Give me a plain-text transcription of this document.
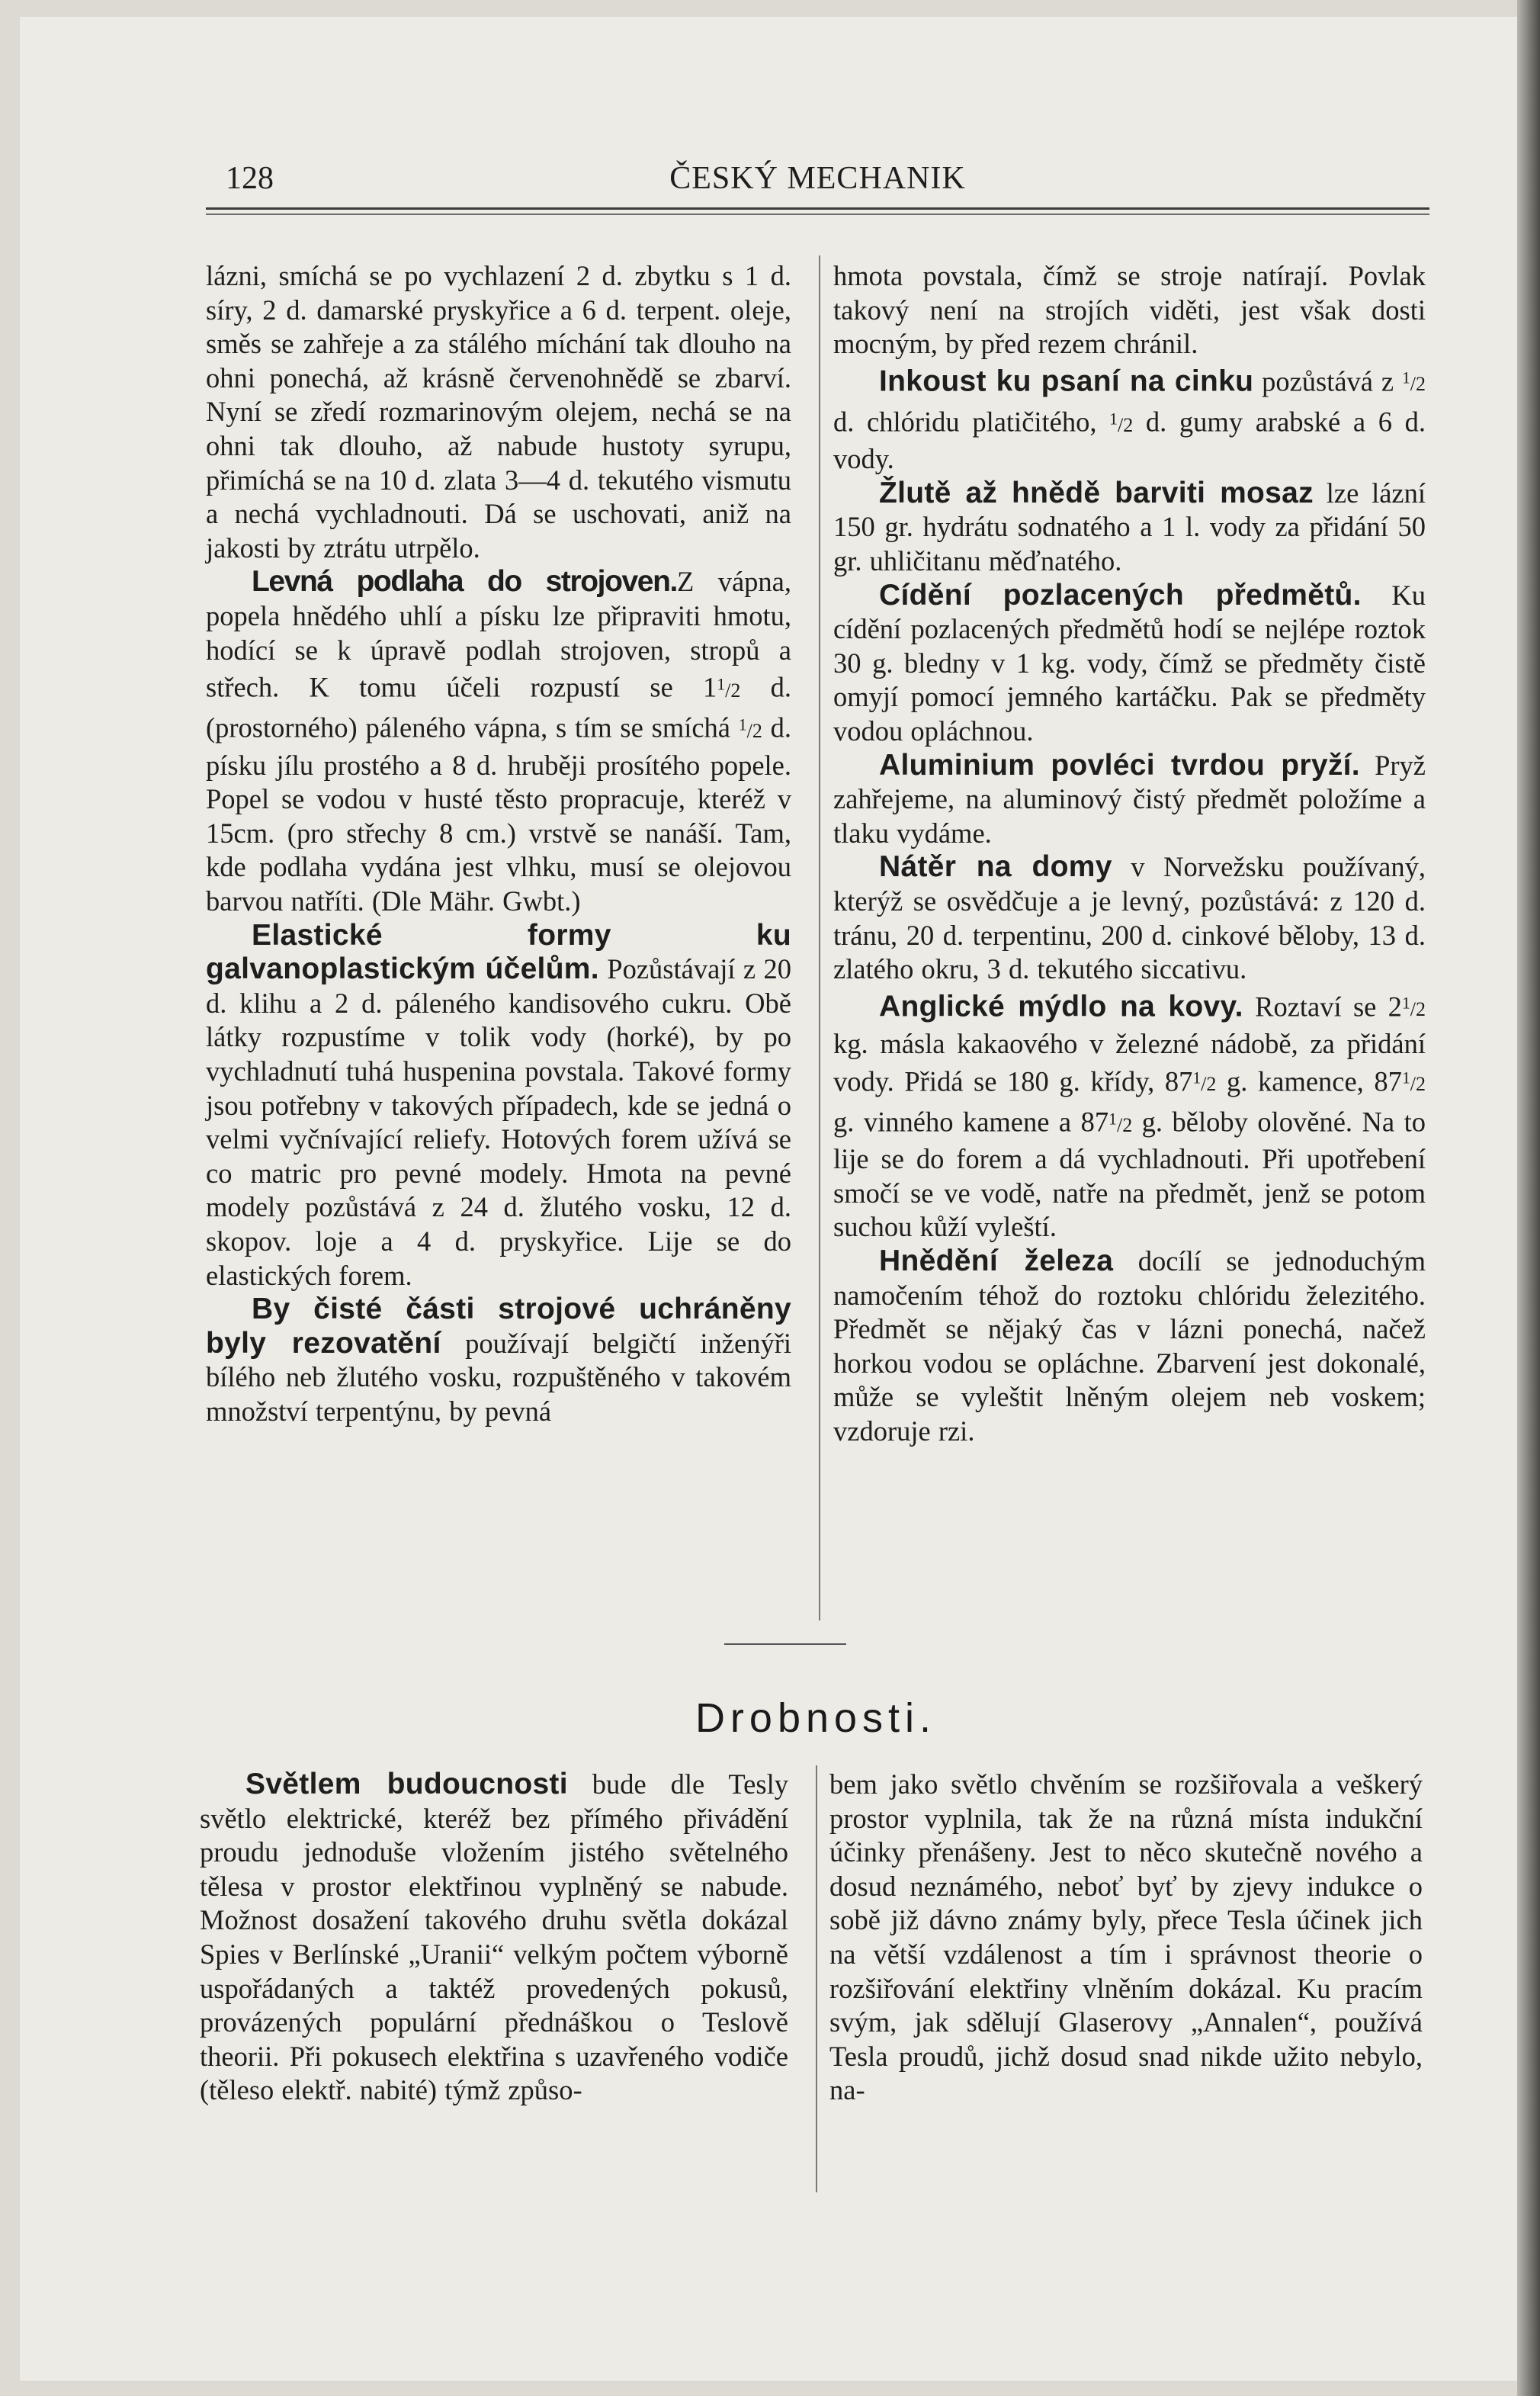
128	ČESKÝ MECHANIK

lázni, smíchá se po vychlazení 2 d. zbytku s 1 d. síry, 2 d. damarské pryskyřice a 6 d. terpent. oleje, směs se zahřeje a za stálého míchání tak dlouho na ohni ponechá, až krásně červenohnědě se zbarví. Nyní se zředí rozmarinovým olejem, nechá se na ohni tak dlouho, až nabude hustoty syrupu, přimíchá se na 10 d. zlata 3—4 d. tekutého vismutu a nechá vychladnouti. Dá se uschovati, aniž na jakosti by ztrátu utrpělo.

Levná podlaha do strojoven.Z vápna, popela hnědého uhlí a písku lze připraviti hmotu, hodící se k úpravě podlah strojoven, stropů a střech. K tomu účeli rozpustí se $1^1/2$ d. (prostorného) páleného vápna, s tím se smíchá $^1$/2 d. písku jílu prostého a 8 d. hruběji prosítého popele. Popel se vodou v husté těsto propracuje, kteréž v 15cm. (pro střechy 8 cm.) vrstvě se nanáší. Tam, kde podlaha vydána jest vlhku, musí se olejovou barvou natříti. (Dle Mähr. Gwbt.)

Elastické formy ku galvanoplastickým účelům. Pozůstávají z 20 d. klihu a 2 d. páleného kandisového cukru. Obě látky rozpustíme v tolik vody (horké), by po vychladnutí tuhá huspenina povstala. Takové formy jsou potřebny v takových případech, kde se jedná o velmi vyčnívající reliefy. Hotových forem užívá se co matric pro pevné modely. Hmota na pevné modely pozůstává z 24 d. žlutého vosku, 12 d. skopov. loje a 4 d. pryskyřice. Lije se do elastických forem.

By čisté části strojové uchráněny byly rezovatění používají belgičtí inženýři bílého neb žlutého vosku, rozpuštěného v takovém množství terpentýnu, by pevná

hmota povstala, čímž se stroje natírají. Povlak takový není na strojích viděti, jest však dosti mocným, by před rezem chránil.

Inkoust ku psaní na cinku pozůstává z $^1$/2 d. chlóridu platičitého, $^1$/2 d. gumy arabské a 6 d. vody.

Žlutě až hnědě barviti mosaz lze lázní 150 gr. hydrátu sodnatého a 1 l. vody za přidání 50 gr. uhličitanu měďnatého.

Cídění pozlacených předmětů. Ku cídění pozlacených předmětů hodí se nejlépe roztok 30 g. bledny v 1 kg. vody, čímž se předměty čistě omyjí pomocí jemného kartáčku. Pak se předměty vodou opláchnou.

Aluminium povléci tvrdou pryží. Pryž zahřejeme, na aluminový čistý předmět položíme a tlaku vydáme.

Nátěr na domy v Norvežsku používaný, kterýž se osvědčuje a je levný, pozůstává: z 120 d. tránu, 20 d. terpentinu, 200 d. cinkové běloby, 13 d. zlatého okru, 3 d. tekutého siccativu.

Anglické mýdlo na kovy. Roztaví se $2^1/2$ kg. másla kakaového v železné nádobě, za přidání vody. Přidá se 180 g. křídy, $87^1/2$ g. kamence, $87^1/2$ g. vinného kamene a $87^1/2$ g. běloby olověné. Na to lije se do forem a dá vychladnouti. Při upotřebení smočí se ve vodě, natře na předmět, jenž se potom suchou kůží vyleští.

Hnědění železa docílí se jednoduchým namočením téhož do roztoku chlóridu železitého. Předmět se nějaký čas v lázni ponechá, načež horkou vodou se opláchne. Zbarvení jest dokonalé, může se vyleštit lněným olejem neb voskem; vzdoruje rzi.

Drobnosti.

Světlem budoucnosti bude dle Tesly světlo elektrické, kteréž bez přímého přivádění proudu jednoduše vložením jistého světelného tělesa v prostor elektřinou vyplněný se nabude. Možnost dosažení takového druhu světla dokázal Spies v Berlínské „Uranii“ velkým počtem výborně uspořádaných a taktéž provedených pokusů, provázených populární přednáškou o Teslově theorii. Při pokusech elektřina s uzavřeného vodiče (těleso elektř. nabité) týmž způso-

bem jako světlo chvěním se rozšiřovala a veškerý prostor vyplnila, tak že na různá místa indukční účinky přenášeny. Jest to něco skutečně nového a dosud neznámého, neboť byť by zjevy indukce o sobě již dávno známy byly, přece Tesla účinek jich na větší vzdálenost a tím i správnost theorie o rozšiřování elektřiny vlněním dokázal. Ku pracím svým, jak sdělují Glaserovy „Annalen“, používá Tesla proudů, jichž dosud snad nikde užito nebylo, na-
